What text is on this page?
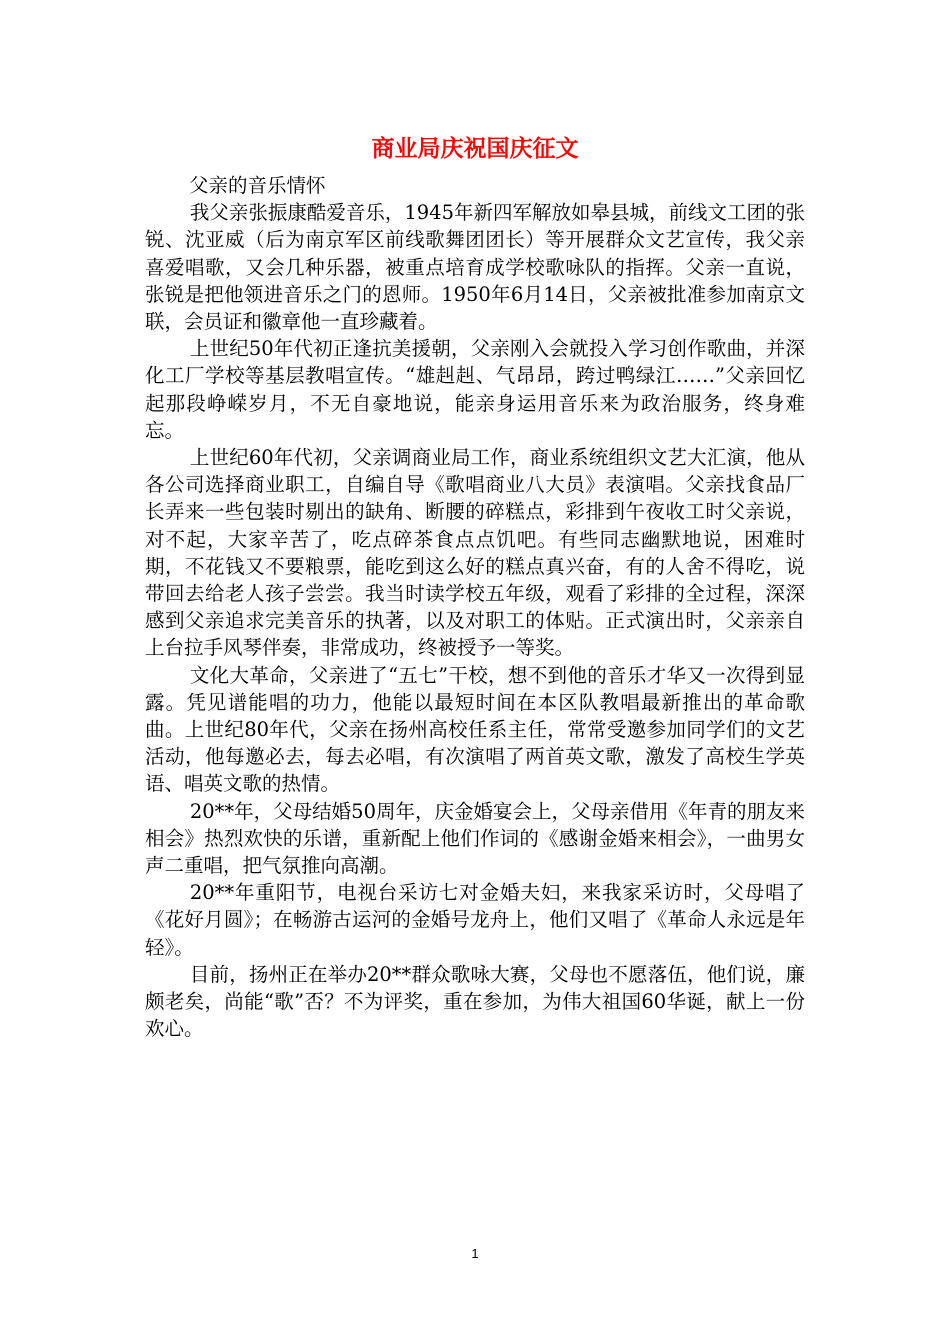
商业局庆祝国庆征文

父亲的音乐情怀

我父亲张振康酷爱音乐，1945年新四军解放如皋县城，前线文工团的张锐、沈亚威（后为南京军区前线歌舞团团长）等开展群众文艺宣传，我父亲喜爱唱歌，又会几种乐器，被重点培育成学校歌咏队的指挥。父亲一直说，张锐是把他领进音乐之门的恩师。1950年6月14日，父亲被批准参加南京文联，会员证和徽章他一直珍藏着。

上世纪50年代初正逢抗美援朝，父亲刚入会就投入学习创作歌曲，并深化工厂学校等基层教唱宣传。“雄赳赳、气昂昂，跨过鸭绿江……”父亲回忆起那段峥嵘岁月，不无自豪地说，能亲身运用音乐来为政治服务，终身难忘。

上世纪60年代初，父亲调商业局工作，商业系统组织文艺大汇演，他从各公司选择商业职工，自编自导《歌唱商业八大员》表演唱。父亲找食品厂长弄来一些包装时剔出的缺角、断腰的碎糕点，彩排到午夜收工时父亲说，对不起，大家辛苦了，吃点碎茶食点点饥吧。有些同志幽默地说，困难时期，不花钱又不要粮票，能吃到这么好的糕点真兴奋，有的人舍不得吃，说带回去给老人孩子尝尝。我当时读学校五年级，观看了彩排的全过程，深深感到父亲追求完美音乐的执著，以及对职工的体贴。正式演出时，父亲亲自上台拉手风琴伴奏，非常成功，终被授予一等奖。

文化大革命，父亲进了“五七”干校，想不到他的音乐才华又一次得到显露。凭见谱能唱的功力，他能以最短时间在本区队教唱最新推出的革命歌曲。上世纪80年代，父亲在扬州高校任系主任，常常受邀参加同学们的文艺活动，他每邀必去，每去必唱，有次演唱了两首英文歌，激发了高校生学英语、唱英文歌的热情。

20**年，父母结婚50周年，庆金婚宴会上，父母亲借用《年青的朋友来相会》热烈欢快的乐谱，重新配上他们作词的《感谢金婚来相会》，一曲男女声二重唱，把气氛推向高潮。

20**年重阳节，电视台采访七对金婚夫妇，来我家采访时，父母唱了《花好月圆》；在畅游古运河的金婚号龙舟上，他们又唱了《革命人永远是年轻》。

目前，扬州正在举办20**群众歌咏大赛，父母也不愿落伍，他们说，廉颇老矣，尚能“歌”否？不为评奖，重在参加，为伟大祖国60华诞，献上一份欢心。

1
